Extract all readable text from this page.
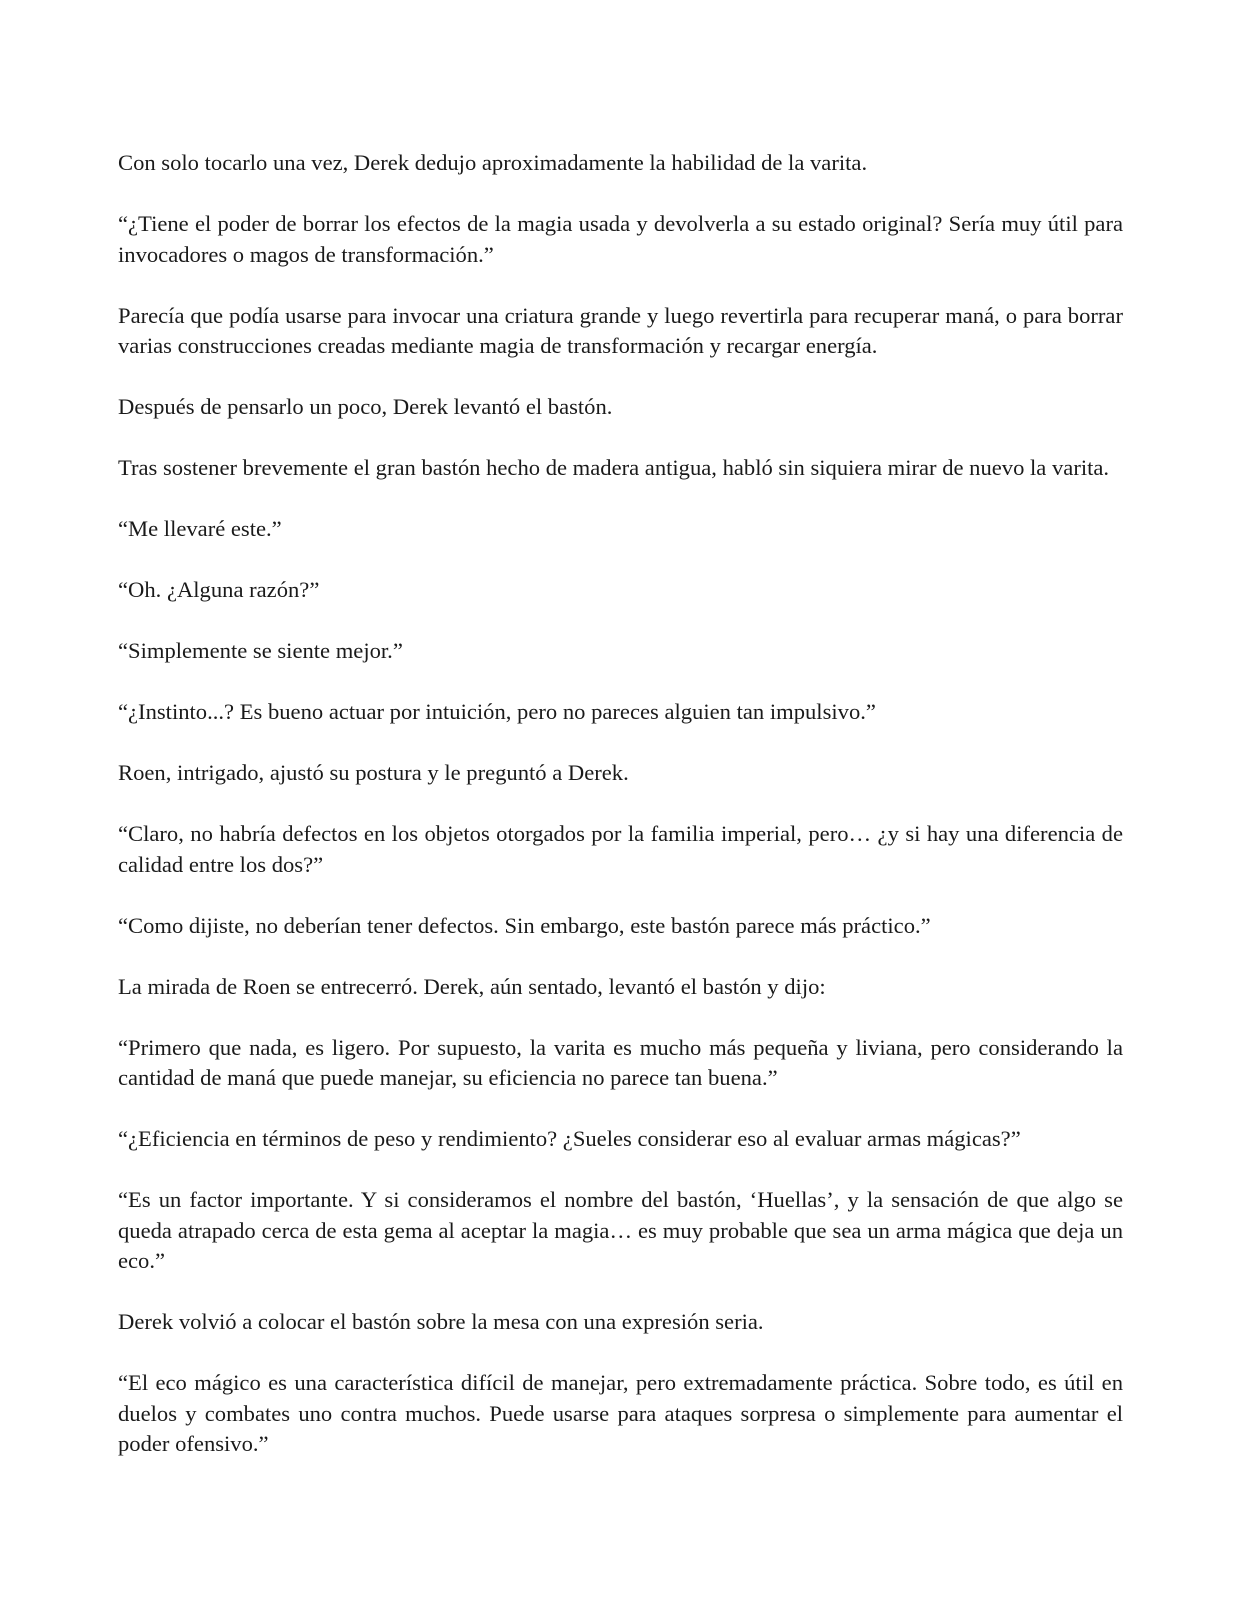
Con solo tocarlo una vez, Derek dedujo aproximadamente la habilidad de la varita.

“¿Tiene el poder de borrar los efectos de la magia usada y devolverla a su estado original? Sería muy útil para invocadores o magos de transformación.”

Parecía que podía usarse para invocar una criatura grande y luego revertirla para recuperar maná, o para borrar varias construcciones creadas mediante magia de transformación y recargar energía.

Después de pensarlo un poco, Derek levantó el bastón.

Tras sostener brevemente el gran bastón hecho de madera antigua, habló sin siquiera mirar de nuevo la varita.

“Me llevaré este.”

“Oh. ¿Alguna razón?”

“Simplemente se siente mejor.”

“¿Instinto...? Es bueno actuar por intuición, pero no pareces alguien tan impulsivo.”

Roen, intrigado, ajustó su postura y le preguntó a Derek.

“Claro, no habría defectos en los objetos otorgados por la familia imperial, pero… ¿y si hay una diferencia de calidad entre los dos?”

“Como dijiste, no deberían tener defectos. Sin embargo, este bastón parece más práctico.”

La mirada de Roen se entrecerró. Derek, aún sentado, levantó el bastón y dijo:

“Primero que nada, es ligero. Por supuesto, la varita es mucho más pequeña y liviana, pero considerando la cantidad de maná que puede manejar, su eficiencia no parece tan buena.”

“¿Eficiencia en términos de peso y rendimiento? ¿Sueles considerar eso al evaluar armas mágicas?”

“Es un factor importante. Y si consideramos el nombre del bastón, ‘Huellas’, y la sensación de que algo se queda atrapado cerca de esta gema al aceptar la magia… es muy probable que sea un arma mágica que deja un eco.”

Derek volvió a colocar el bastón sobre la mesa con una expresión seria.

“El eco mágico es una característica difícil de manejar, pero extremadamente práctica. Sobre todo, es útil en duelos y combates uno contra muchos. Puede usarse para ataques sorpresa o simplemente para aumentar el poder ofensivo.”
